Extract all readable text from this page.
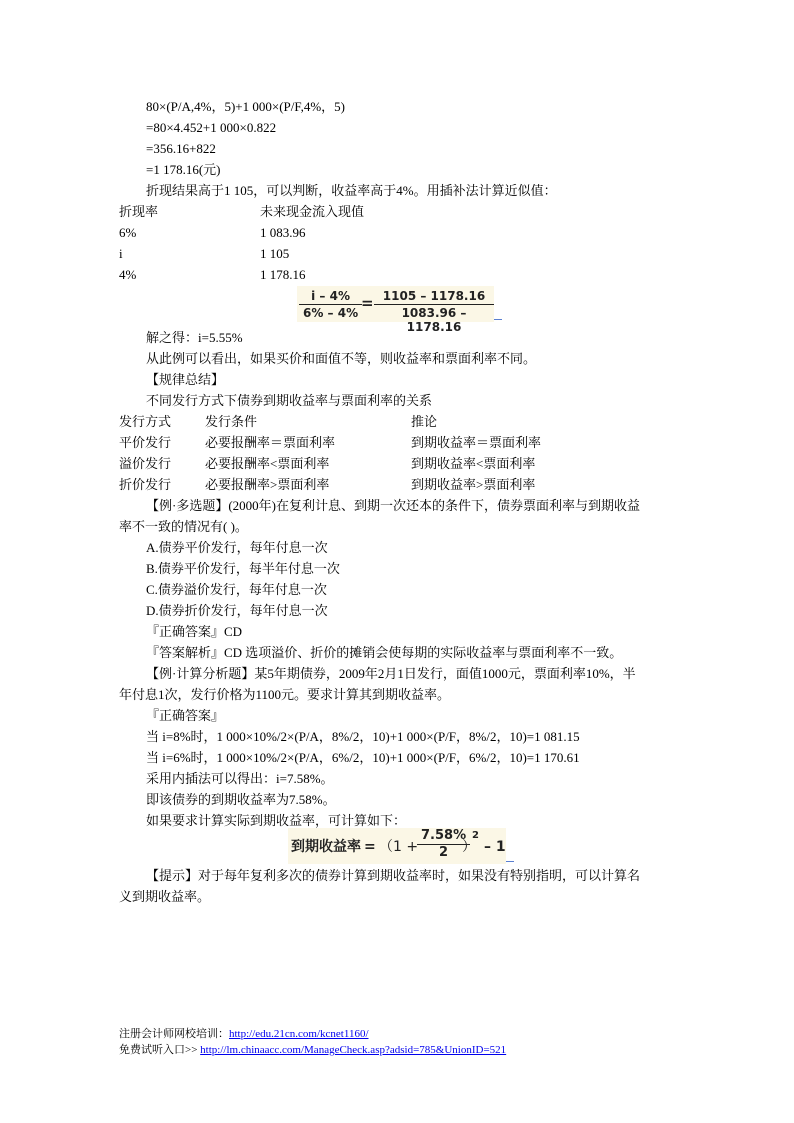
80×(P/A,4%，5)+1 000×(P/F,4%，5)
=80×4.452+1 000×0.822
=356.16+822
=1 178.16(元)
折现结果高于1 105，可以判断，收益率高于4%。用插补法计算近似值：
折现率	未来现金流入现值
6%	1 083.96
i	1 105
4%	1 178.16
$\frac{i - 4\%}{6\% - 4\%}$
= $\frac{1105 - 1178.16}{1083.96 - 1178.16}$
解之得：i=5.55%
从此例可以看出，如果买价和面值不等，则收益率和票面利率不同。
【规律总结】
不同发行方式下债券到期收益率与票面利率的关系
发行方式	发行条件	推论
平价发行	必要报酬率＝票面利率	到期收益率＝票面利率
溢价发行	必要报酬率<票面利率	到期收益率<票面利率
折价发行	必要报酬率>票面利率	到期收益率>票面利率
【例·多选题】(2000年)在复利计息、到期一次还本的条件下，债券票面利率与到期收益
率不一致的情况有( )。
A.债券平价发行，每年付息一次
B.债券平价发行，每半年付息一次
C.债券溢价发行，每年付息一次
D.债券折价发行，每年付息一次
『正确答案』CD
『答案解析』CD 选项溢价、折价的摊销会使每期的实际收益率与票面利率不一致。
【例·计算分析题】某5年期债券，2009年2月1日发行，面值1000元，票面利率10%，半
年付息1次，发行价格为1100元。要求计算其到期收益率。
『正确答案』
当 i=8%时，1 000×10%/2×(P/A，8%/2，10)+1 000×(P/F，8%/2，10)=1 081.15
当 i=6%时，1 000×10%/2×(P/A，6%/2，10)+1 000×(P/F，6%/2，10)=1 170.61
采用内插法可以得出：i=7.58%。
即该债券的到期收益率为7.58%。
如果要求计算实际到期收益率，可计算如下：
到期收益率 = （1 +
$\frac{7.58\%}{2}$
）
2
– 1
【提示】对于每年复利多次的债券计算到期收益率时，如果没有特别指明，可以计算名
义到期收益率。
注册会计师网校培训：http://edu.21cn.com/kcnet1160/
免费试听入口>> http://lm.chinaacc.com/ManageCheck.asp?adsid=785&UnionID=521
